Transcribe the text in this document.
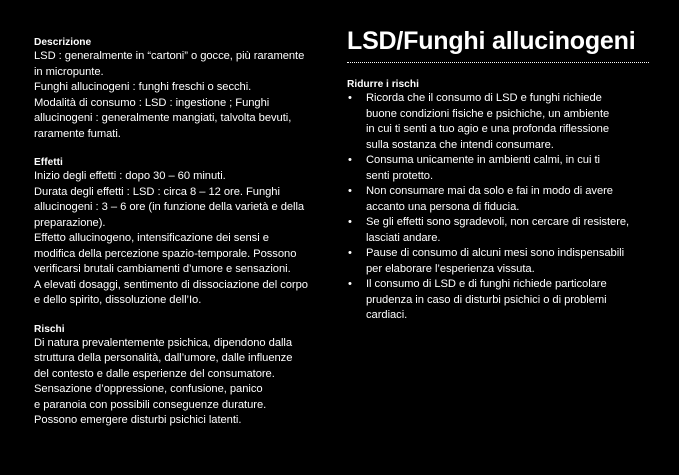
Descrizione
LSD : generalmente in “cartoni” o gocce, più raramente
in micropunte.
Funghi allucinogeni : funghi freschi o secchi.
Modalità di consumo : LSD : ingestione ; Funghi
allucinogeni : generalmente mangiati, talvolta bevuti,
raramente fumati.
Effetti
Inizio degli effetti : dopo 30 – 60 minuti.
Durata degli effetti : LSD : circa 8 – 12 ore. Funghi
allucinogeni : 3 – 6 ore (in funzione della varietà e della
preparazione).
Effetto allucinogeno, intensificazione dei sensi e
modifica della percezione spazio-temporale. Possono
verificarsi brutali cambiamenti d’umore e sensazioni.
A elevati dosaggi, sentimento di dissociazione del corpo
e dello spirito, dissoluzione dell’Io.
Rischi
Di natura prevalentemente psichica, dipendono dalla
struttura della personalità, dall’umore, dalle influenze
del contesto e dalle esperienze del consumatore.
Sensazione d’oppressione, confusione, panico
e paranoia con possibili conseguenze durature.
Possono emergere disturbi psichici latenti.
LSD/Funghi allucinogeni
Ridurre i rischi
• Ricorda che il consumo di LSD e funghi richiede
buone condizioni fisiche e psichiche, un ambiente
in cui ti senti a tuo agio e una profonda riflessione
sulla sostanza che intendi consumare.
• Consuma unicamente in ambienti calmi, in cui ti
senti protetto.
• Non consumare mai da solo e fai in modo di avere
accanto una persona di fiducia.
• Se gli effetti sono sgradevoli, non cercare di resistere,
lasciati andare.
• Pause di consumo di alcuni mesi sono indispensabili
per elaborare l’esperienza vissuta.
• Il consumo di LSD e di funghi richiede particolare
prudenza in caso di disturbi psichici o di problemi
cardiaci.
